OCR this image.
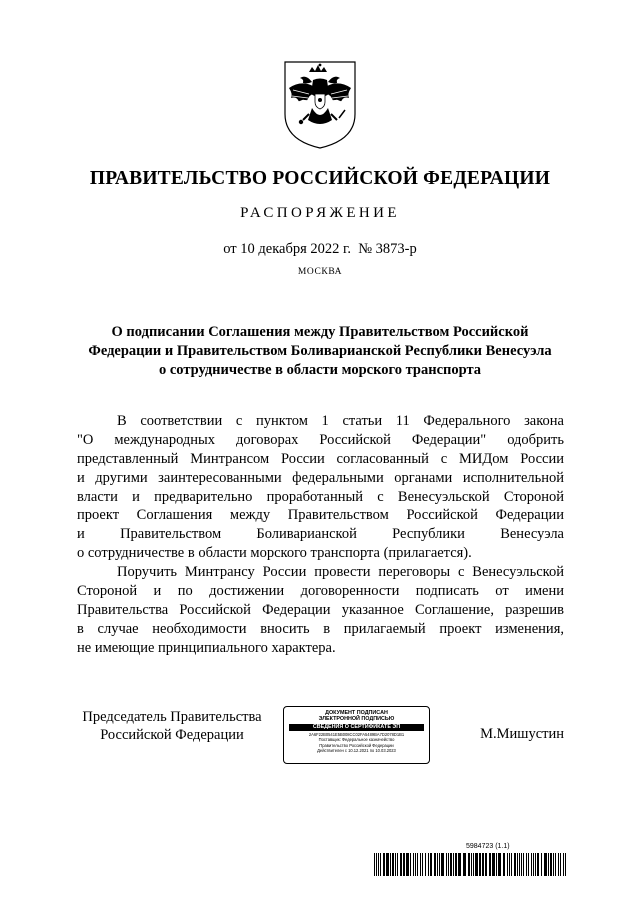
ПРАВИТЕЛЬСТВО РОССИЙСКОЙ ФЕДЕРАЦИИ
РАСПОРЯЖЕНИЕ
от 10 декабря 2022 г.  № 3873-р
МОСКВА
О подписании Соглашения между Правительством Российской
Федерации и Правительством Боливарианской Республики Венесуэла
о сотрудничестве в области морского транспорта
В соответствии с пунктом 1 статьи 11 Федерального закона
"О международных договорах Российской Федерации" одобрить
представленный Минтрансом России согласованный с МИДом России
и другими заинтересованными федеральными органами исполнительной
власти и предварительно проработанный с Венесуэльской Стороной
проект Соглашения между Правительством Российской Федерации
и Правительством Боливарианской Республики Венесуэла
о сотрудничестве в области морского транспорта (прилагается).
Поручить Минтрансу России провести переговоры с Венесуэльской
Стороной и по достижении договоренности подписать от имени
Правительства Российской Федерации указанное Соглашение, разрешив
в случае необходимости вносить в прилагаемый проект изменения,
не имеющие принципиального характера.
Председатель Правительства
Российской Федерации
ДОКУМЕНТ ПОДПИСАН
ЭЛЕКТРОННОЙ ПОДПИСЬЮ
СВЕДЕНИЯ О СЕРТИФИКАТЕ ЭП
2A6F22B0541E5B008CC02FA5489BA7D2078D1B1
Поставщик: Федеральное казначейство
Правительство Российской Федерации
Действителен с 10.12.2021 по 10.03.2023
М.Мишустин
5984723 (1.1)
